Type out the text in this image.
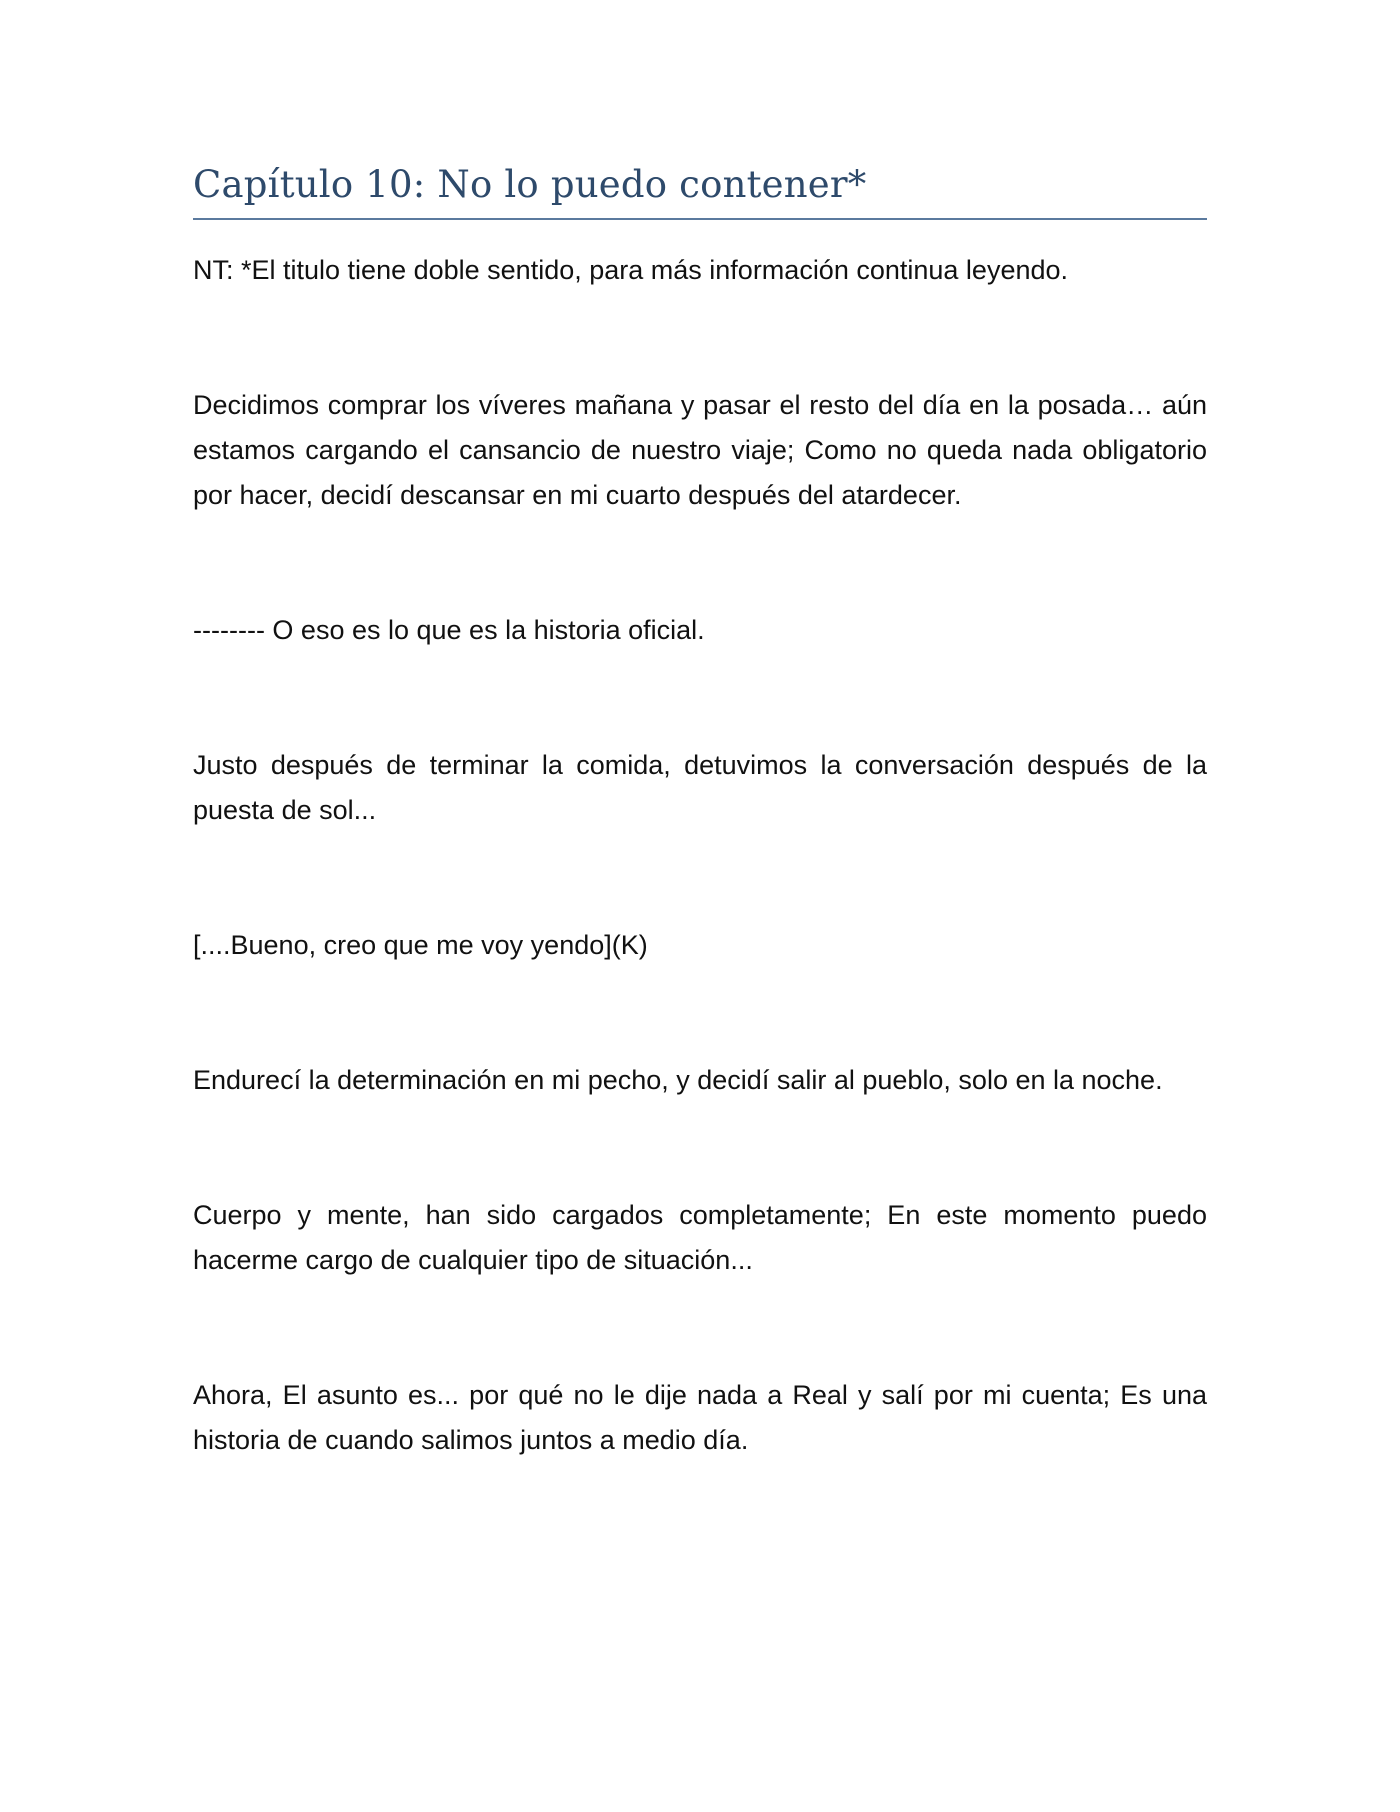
Capítulo 10: No lo puedo contener*

NT: *El titulo tiene doble sentido, para más información continua leyendo.

Decidimos comprar los víveres mañana y pasar el resto del día en la posada… aún estamos cargando el cansancio de nuestro viaje; Como no queda nada obligatorio por hacer, decidí descansar en mi cuarto después del atardecer.

-------- O eso es lo que es la historia oficial.

Justo después de terminar la comida, detuvimos la conversación después de la puesta de sol...

[....Bueno, creo que me voy yendo](K)

Endurecí la determinación en mi pecho, y decidí salir al pueblo, solo en la noche.

Cuerpo y mente, han sido cargados completamente; En este momento puedo hacerme cargo de cualquier tipo de situación...

Ahora, El asunto es... por qué no le dije nada a Real y salí por mi cuenta; Es una historia de cuando salimos juntos a medio día.
